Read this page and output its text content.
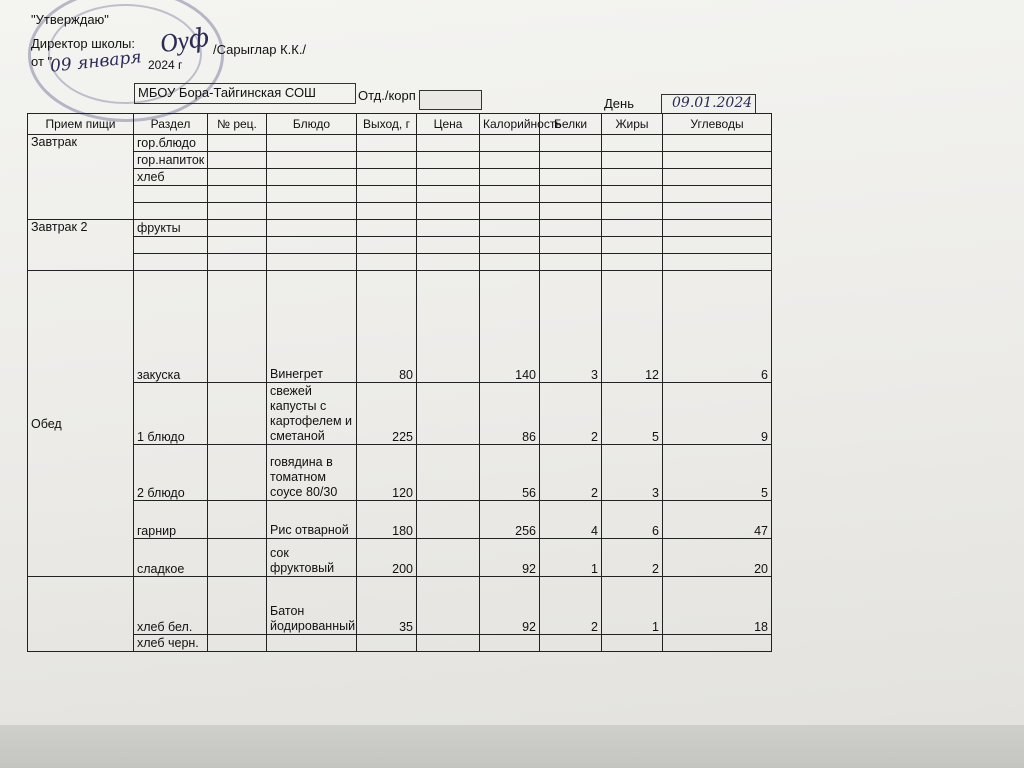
"Утверждаю"
Директор школы:	/Сарыглар К.К./
от "	2024 г
Ѹф
09 января
МБОУ Бора-Тайгинская СОШ	Отд./корп
День	09.01.2024
Прием пищи	Раздел	№ рец.	Блюдо	Выход, г	Цена	Калорийность	Белки	Жиры	Углеводы
Завтрак	гор.блюдо								
	гор.напиток								
	хлеб								

Завтрак 2	фрукты								

Обед	закуска		Винегрет	80		140	3	12	6
	1 блюдо		свежей капусты с картофелем и сметаной	225		86	2	5	9
	2 блюдо		говядина в томатном соусе 80/30	120		56	2	3	5
	гарнир		Рис отварной	180		256	4	6	47
	сладкое		сок фруктовый	200		92	1	2	20
	хлеб бел.		Батон йодированный	35		92	2	1	18
	хлеб черн.								
